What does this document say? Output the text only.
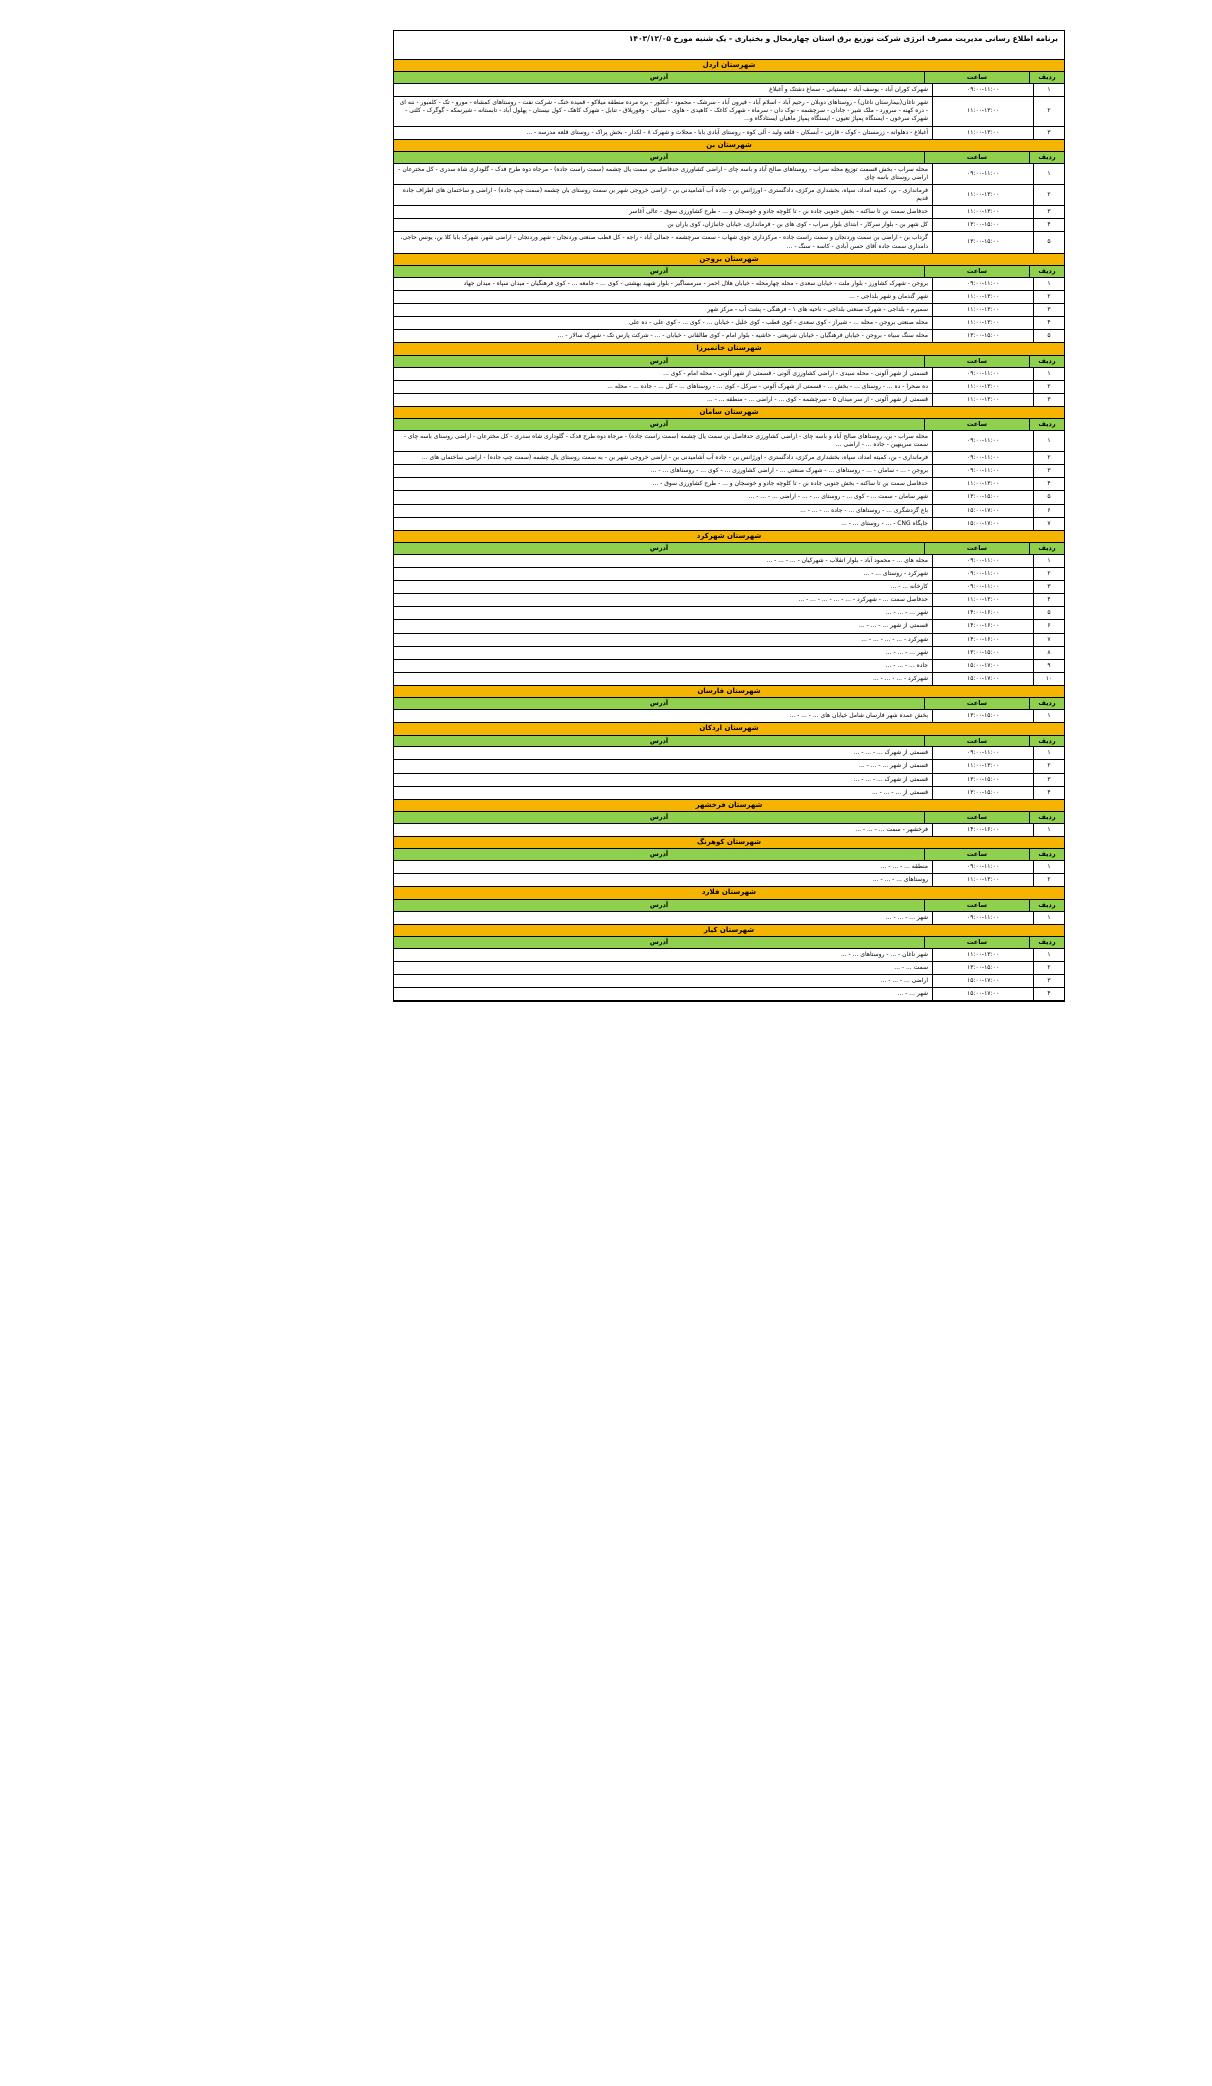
برنامه اطلاع رسانی مدیریت مصرف انرژی شرکت توزیع برق استان چهارمحال و بختیاری - یک شنبه مورخ ۱۴۰۳/۱۲/۰۵
شهرستان اردل
ردیف
ساعت
آدرس
۱
۰۹:۰۰-۱۱:۰۰
شهرک کوران آباد - یوسف آباد - تیستیانی - سماغ دشتک و آغبلاغ
۲
۱۱:۰۰-۱۳:۰۰
شهر ناغان(بیمارستان ناغان) - روستاهای دوبلان - رحیم آباد - اسلام آباد - قیرون آباد - سرشک - محمود - آبکلور - بره مرده منطقه میلاکو - قمیده خنک - شرکت نفت - روستاهای کمشاه - مورو - تک - کلمبور - ننه ای - دره کهنه - سرورد - ملک شیر - جادان - سرچشمه - نوک دان - سرماه - شهرک کاغک - کاهیدی - هاوی - سیالی - وفوریلاق - تنابل - شهرک کاهک - کول نیستان - پهلول آباد - تابستانه - شیرنمکه - گوگرک - کلتی - شهرک سرخون - ایستگاه پمپاژ تعیون - ایستگاه پمپاژ ماهیان ایستادگاه و...
۳
۱۱:۰۰-۱۳:۰۰
آغبلاغ - دهلوانه - زرمستان - کوک - قارتی - آبسکان - قلعه ولید - آلی کوه - روستای آبادی بابا - محلات و شهرک ۸ - لکدار - بخش پراک - روستای قلعه مدرسه - ...
شهرستان بن
ردیف
ساعت
آدرس
۱
۰۹:۰۰-۱۱:۰۰
محله سراب - بخش قسمت توزیع محله سراب - روستاهای صالح آباد و باسه چای - اراضی کشاورزی حدفاصل بن سمت یال چشمه (سمت راست جاده) - مرجاه دوه طرح فدک - گلوداری شاه سدری - کل مخترعان - اراضی روستای باسه چای
۲
۱۱:۰۰-۱۳:۰۰
فرمانداری - بن، کمیته امداد، سپاه، بخشداری مرکزی، دادگستری - اورژانس بن - جاده آب آشامیدنی بن - اراضی خروجی شهر بن سمت روستای بان چشمه (سمت چپ جاده) - اراضی و ساختمان های اطراف جاده قدیم
۳
۱۱:۰۰-۱۳:۰۰
حدفاصل سمت بن تا ساکنه - بخش جنوبی جاده بن - تا کلوچه جادو و خوسجان و ... - طرح کشاورزی سوق - عالی آغاسر
۴
۱۳:۰۰-۱۵:۰۰
کل شهر بن - بلوار سرکار - ابتدای بلوار سراب - کوی های بن - فرمانداری، خیابان جانبازان، کوی یاران بن
۵
۱۳:۰۰-۱۵:۰۰
گرداب بن - اراضی بن سمت وردنجان و سمت راست جاده - مرکزداری جوی شهاب - سمت سرچشمه - جمالی آباد - راجه - کل قطب صنعتی وردنجان - شهر وردنجان - اراضی شهر، شهرک بابا کلا بن، یونس حاجی، دامداری سمت جاده آقای حسن آبادی - کاسه - سنگ - ...
شهرستان بروجن
ردیف
ساعت
آدرس
۱
۰۹:۰۰-۱۱:۰۰
بروجن - شهرک کشاورز - بلوار ملت - خیابان سعدی - محله چهارمحله - خیابان هلال احمر - سرمساگیر - بلوار شهید بهشتی - کوی ... - جامعه ... - کوی فرهنگیان - میدان سپاه - میدان جهاد
۲
۱۱:۰۰-۱۳:۰۰
شهر گندمان و شهر بلداجی - ...
۳
۱۱:۰۰-۱۳:۰۰
سمیرم - بلداجی - شهرک صنعتی بلداجی - ناحیه های ۱ - فرهنگی - پشت آب - مرکز شهر
۴
۱۱:۰۰-۱۳:۰۰
محله صنعتی بروجن - محله ... - شیراز - کوی سعدی - کوی قطب - کوی خلیل - خیابان ... - کوی ... - کوی علی - ده علی
۵
۱۳:۰۰-۱۵:۰۰
محله سنگ سیاه - بروجن - خیابان فرهنگیان - خیابان شریعتی - حاشیه - بلوار امام - کوی طالقانی - خیابان - ... - شرکت پارس تک - شهرک سالار - ...
شهرستان خانمیرزا
ردیف
ساعت
آدرس
۱
۰۹:۰۰-۱۱:۰۰
قسمتی از شهر آلونی - محله سیدی - اراضی کشاورزی آلونی - قسمتی از شهر آلونی - محله امام - کوی ...
۲
۱۱:۰۰-۱۳:۰۰
ده صحرا - ده ... - روستای ... - بخش ... - قسمتی از شهرک آلونی - سرکل - کوی ... - روستاهای ... - کل ... - جاده ... - محله ...
۳
۱۱:۰۰-۱۳:۰۰
قسمتی از شهر آلونی - از سر میدان ۵ - سرچشمه - کوی ... - اراضی ... - منطقه ... - ...
شهرستان سامان
ردیف
ساعت
آدرس
۱
۰۹:۰۰-۱۱:۰۰
محله سراب - بن، روستاهای صالح آباد و باسه چای - اراضی کشاورزی حدفاصل بن سمت یال چشمه (سمت راست جاده) - مرجاه دوه طرح فدک - گلوداری شاه سدری - کل مخترعان - اراضی روستای باسه چای - سمت سرپنهبن - جاده ... - اراضی ...
۲
۰۹:۰۰-۱۱:۰۰
فرمانداری - بن، کمیته امداد، سپاه، بخشداری مرکزی، دادگستری - اورژانس بن - جاده آب آشامیدنی بن - اراضی خروجی شهر بن - به سمت روستای یال چشمه (سمت چپ جاده) - اراضی ساختمان های ...
۳
۰۹:۰۰-۱۱:۰۰
بروجن - ... - سامان - ... - روستاهای ... - شهرک صنعتی ... - اراضی کشاورزی ... - کوی ... - روستاهای ... - ...
۴
۱۱:۰۰-۱۳:۰۰
حدفاصل سمت بن تا ساکنه - بخش جنوبی جاده بن - تا کلوچه جادو و خوسجان و ... - طرح کشاورزی سوق - ...
۵
۱۳:۰۰-۱۵:۰۰
شهر سامان - سمت ... - کوی ... - روستای ... - ... - اراضی ... - ... - ...
۶
۱۵:۰۰-۱۷:۰۰
باغ گردشگری ... - روستاهای ... - جاده ... - ... - ...
۷
۱۵:۰۰-۱۷:۰۰
جایگاه CNG - ... - روستای ... - ...
شهرستان شهرکرد
ردیف
ساعت
آدرس
۱
۰۹:۰۰-۱۱:۰۰
محله های ... - محمود آباد - بلوار انقلاب - شهرکیان - ... - ... - ...
۲
۰۹:۰۰-۱۱:۰۰
شهرکرد - روستای ... - ...
۳
۰۹:۰۰-۱۱:۰۰
کارخانه ... - ...
۴
۱۱:۰۰-۱۳:۰۰
حدفاصل سمت ... - شهرکرد - ... - ... - ... - ... - ...
۵
۱۴:۰۰-۱۶:۰۰
شهر ... - ... - ...
۶
۱۴:۰۰-۱۶:۰۰
قسمتی از شهر ... - ... - ...
۷
۱۴:۰۰-۱۶:۰۰
شهرکرد - ... - ... - ... - ...
۸
۱۳:۰۰-۱۵:۰۰
شهر ... - ... - ...
۹
۱۵:۰۰-۱۷:۰۰
جاده ... - ... - ...
۱۰
۱۵:۰۰-۱۷:۰۰
شهرکرد - ... - ... - ...
شهرستان فارسان
ردیف
ساعت
آدرس
۱
۱۳:۰۰-۱۵:۰۰
بخش عمده شهر فارسان شامل خیابان های ... - ... - ...
شهرستان اردکان
ردیف
ساعت
آدرس
۱
۰۹:۰۰-۱۱:۰۰
قسمتی از شهرک ... - ... - ...
۲
۱۱:۰۰-۱۳:۰۰
قسمتی از شهر ... - ... - ...
۳
۱۳:۰۰-۱۵:۰۰
قسمتی از شهرک ... - ... - ...
۴
۱۳:۰۰-۱۵:۰۰
قسمتی از ... - ... - ...
شهرستان فرخشهر
ردیف
ساعت
آدرس
۱
۱۴:۰۰-۱۶:۰۰
فرخشهر - سمت ... - ... - ...
شهرستان کوهرنگ
ردیف
ساعت
آدرس
۱
۰۹:۰۰-۱۱:۰۰
منطقه ... - ... - ...
۲
۱۱:۰۰-۱۳:۰۰
روستاهای ... - ... - ...
شهرستان فلارد
ردیف
ساعت
آدرس
۱
۰۹:۰۰-۱۱:۰۰
شهر ... - ... - ...
شهرستان کیار
ردیف
ساعت
آدرس
۱
۱۱:۰۰-۱۳:۰۰
شهر ناغان - ... - روستاهای ... - ...
۲
۱۳:۰۰-۱۵:۰۰
سمت ... - ...
۳
۱۵:۰۰-۱۷:۰۰
اراضی ... - ... - ...
۴
۱۵:۰۰-۱۷:۰۰
شهر ... - ...
